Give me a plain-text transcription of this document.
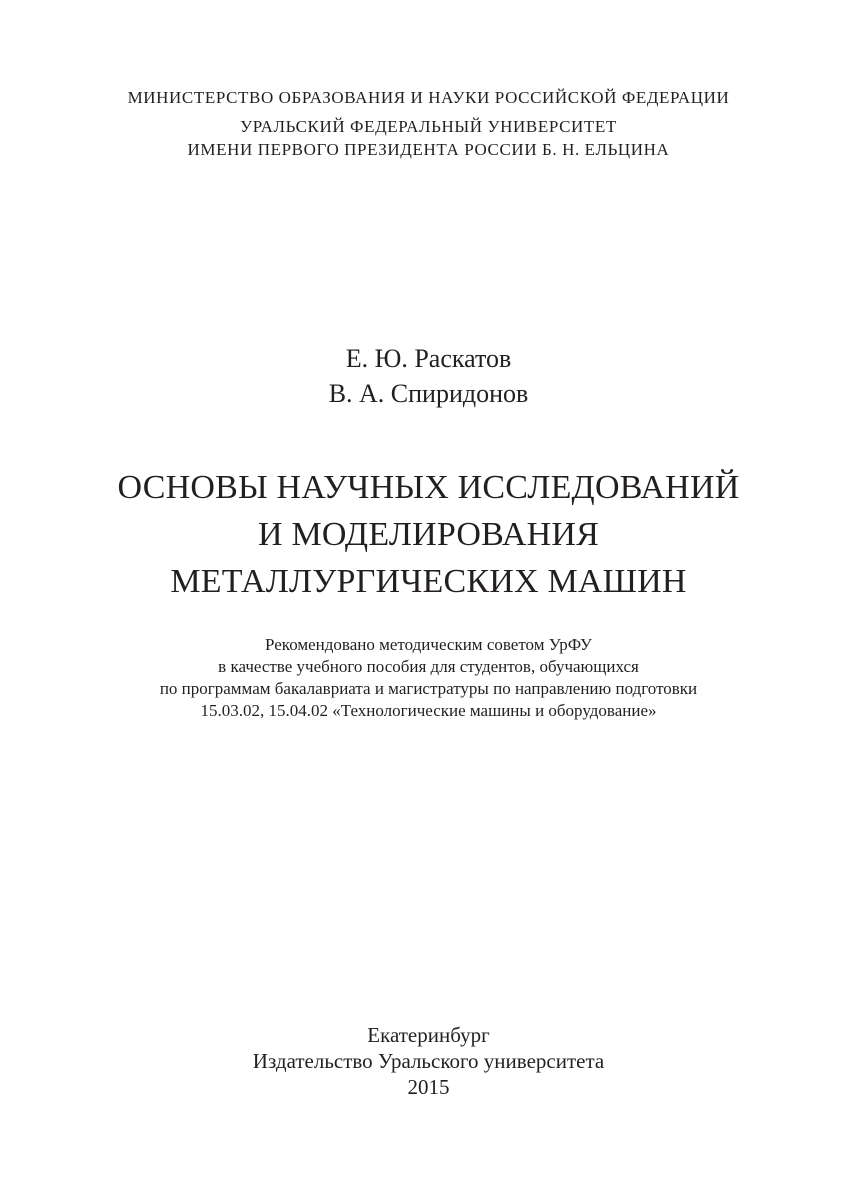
МИНИСТЕРСТВО ОБРАЗОВАНИЯ И НАУКИ РОССИЙСКОЙ ФЕДЕРАЦИИ
УРАЛЬСКИЙ ФЕДЕРАЛЬНЫЙ УНИВЕРСИТЕТ
ИМЕНИ ПЕРВОГО ПРЕЗИДЕНТА РОССИИ Б. Н. ЕЛЬЦИНА
Е. Ю. Раскатов
В. А. Спиридонов
ОСНОВЫ НАУЧНЫХ ИССЛЕДОВАНИЙ
И МОДЕЛИРОВАНИЯ
МЕТАЛЛУРГИЧЕСКИХ МАШИН
Рекомендовано методическим советом УрФУ
в качестве учебного пособия для студентов, обучающихся
по программам бакалавриата и магистратуры по направлению подготовки
15.03.02, 15.04.02 «Технологические машины и оборудование»
Екатеринбург
Издательство Уральского университета
2015
